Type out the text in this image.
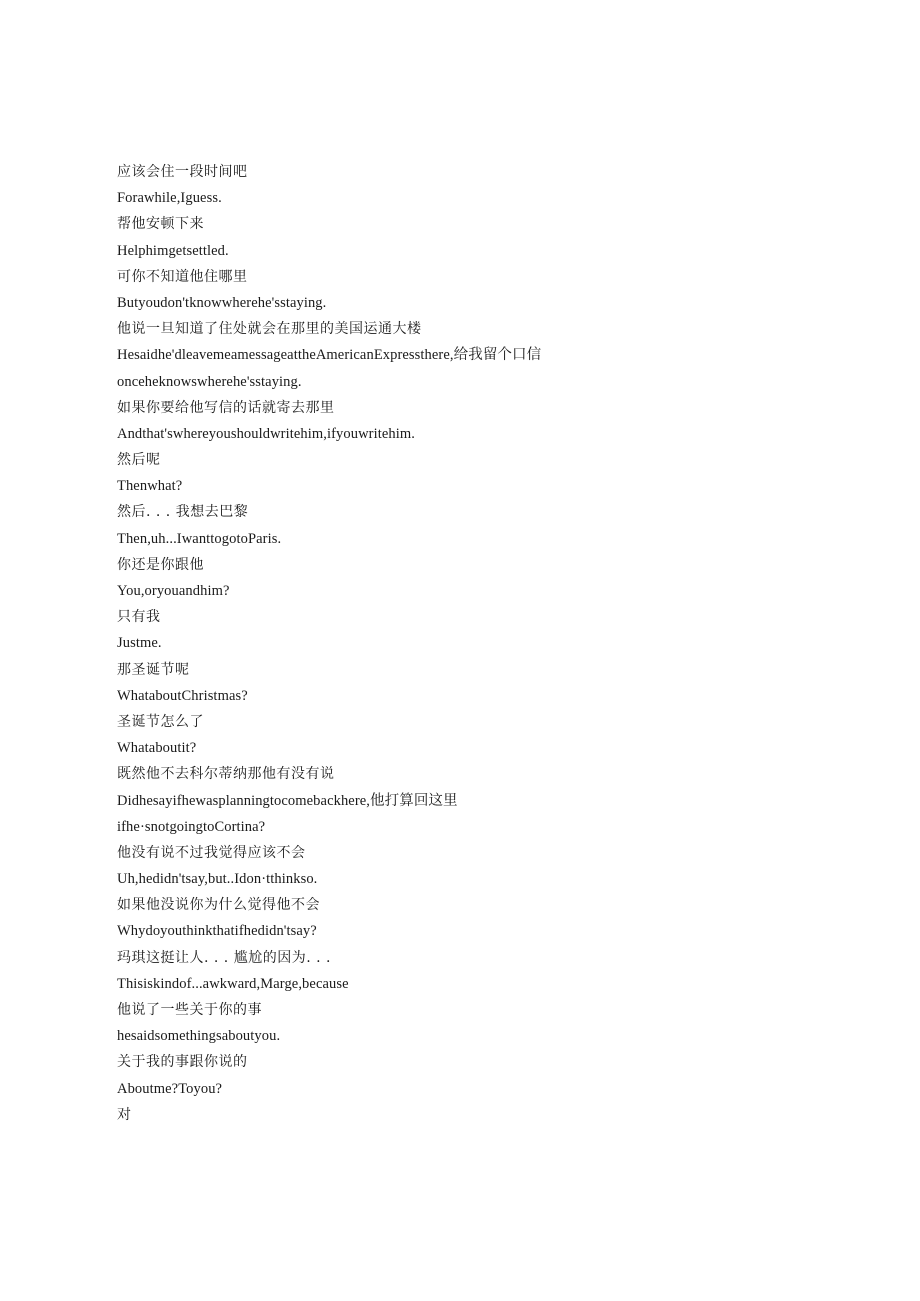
应该会住一段时间吧
Forawhile,Iguess.
帮他安顿下来
Helphimgetsettled.
可你不知道他住哪里
Butyoudon'tknowwherehe'sstaying.
他说一旦知道了住处就会在那里的美国运通大楼
Hesaidhe'dleavemeamessageattheAmericanExpressthere,给我留个口信
onceheknowswherehe'sstaying.
如果你要给他写信的话就寄去那里
Andthat'swhereyoushouldwritehim,ifyouwritehim.
然后呢
Thenwhat?
然后. . . 我想去巴黎
Then,uh...IwanttogotoParis.
你还是你跟他
You,oryouandhim?
只有我
Justme.
那圣诞节呢
WhataboutChristmas?
圣诞节怎么了
Whataboutit?
既然他不去科尔蒂纳那他有没有说
Didhesayifhewasplanningtocomebackhere,他打算回这里
ifhe·snotgoingtoCortina?
他没有说不过我觉得应该不会
Uh,hedidn'tsay,but..Idon·tthinkso.
如果他没说你为什么觉得他不会
Whydoyouthinkthatifhedidn'tsay?
玛琪这挺让人. . . 尴尬的因为. . .
Thisiskindof...awkward,Marge,because
他说了一些关于你的事
hesaidsomethingsaboutyou.
关于我的事跟你说的
Aboutme?Toyou?
对
